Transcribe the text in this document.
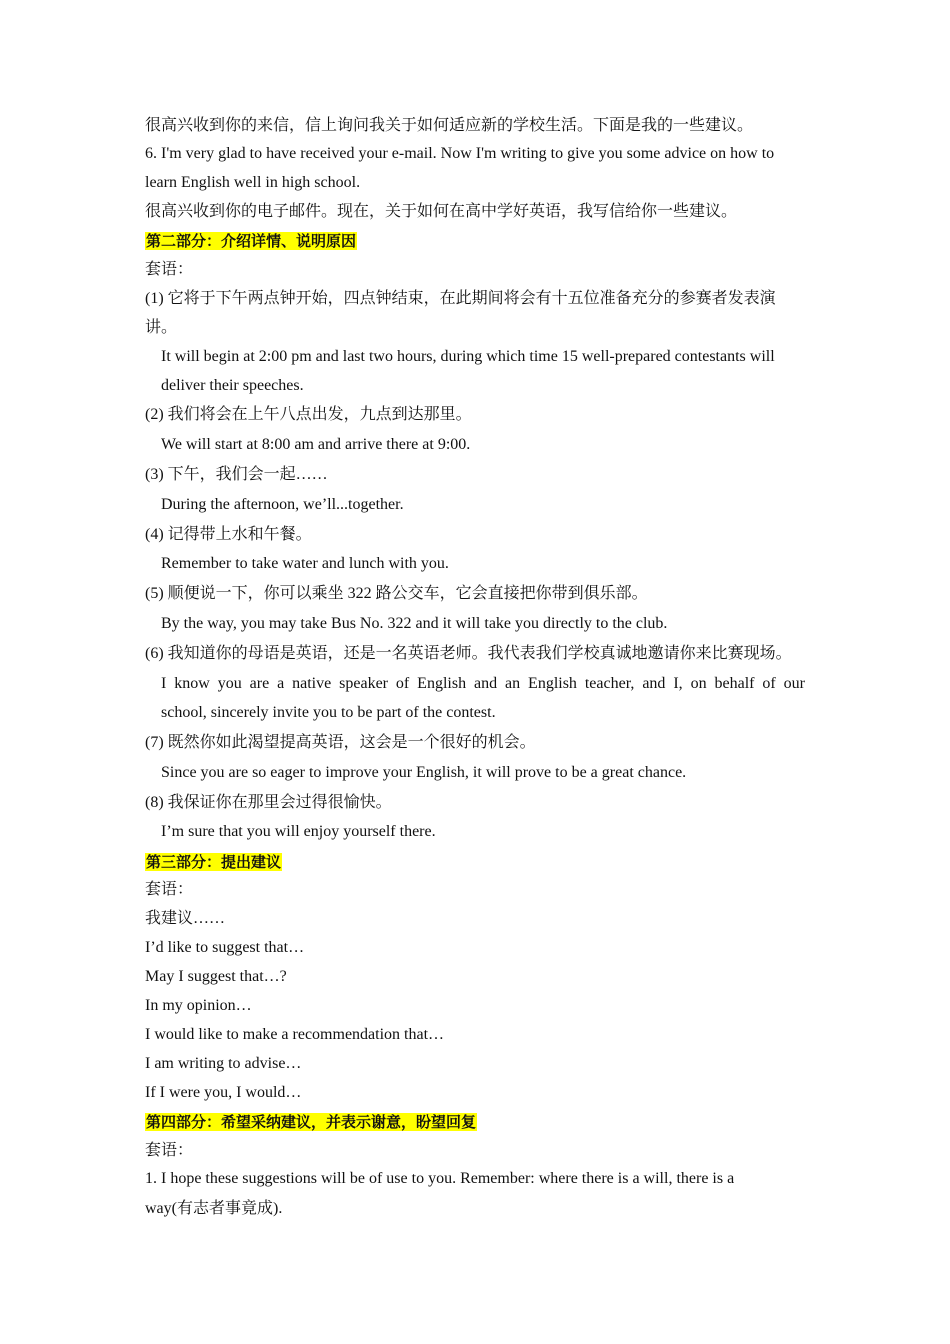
很高兴收到你的来信，信上询问我关于如何适应新的学校生活。下面是我的一些建议。
6. I'm very glad to have received your e-mail. Now I'm writing to give you some advice on how to
learn English well in high school.
很高兴收到你的电子邮件。现在，关于如何在高中学好英语，我写信给你一些建议。
第二部分：介绍详情、说明原因
套语：
(1) 它将于下午两点钟开始，四点钟结束，在此期间将会有十五位准备充分的参赛者发表演
讲。
It will begin at 2:00 pm and last two hours, during which time 15 well-prepared contestants will
deliver their speeches.
(2) 我们将会在上午八点出发，九点到达那里。
We will start at 8:00 am and arrive there at 9:00.
(3) 下午，我们会一起……
During the afternoon, we’ll...together.
(4) 记得带上水和午餐。
Remember to take water and lunch with you.
(5) 顺便说一下，你可以乘坐 322 路公交车，它会直接把你带到俱乐部。
By the way, you may take Bus No. 322 and it will take you directly to the club.
(6) 我知道你的母语是英语，还是一名英语老师。我代表我们学校真诚地邀请你来比赛现场。
I know you are a native speaker of English and an English teacher, and I, on behalf of our
school, sincerely invite you to be part of the contest.
(7) 既然你如此渴望提高英语，这会是一个很好的机会。
Since you are so eager to improve your English, it will prove to be a great chance.
(8) 我保证你在那里会过得很愉快。
I’m sure that you will enjoy yourself there.
第三部分：提出建议
套语：
我建议……
I’d like to suggest that…
May I suggest that…?
In my opinion…
I would like to make a recommendation that…
I am writing to advise…
If I were you, I would…
第四部分：希望采纳建议，并表示谢意，盼望回复
套语：
1. I hope these suggestions will be of use to you. Remember: where there is a will, there is a
way(有志者事竟成).
